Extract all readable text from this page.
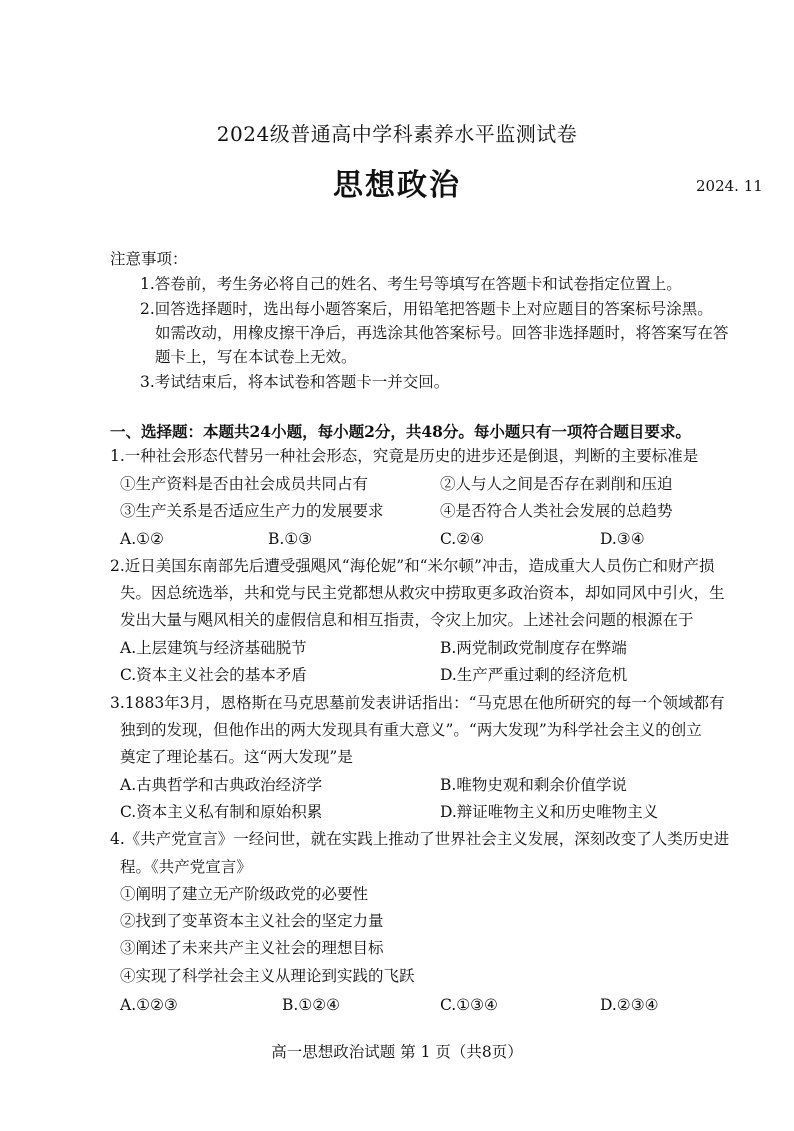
2024级普通高中学科素养水平监测试卷
思想政治	2024. 11
注意事项：
1.答卷前，考生务必将自己的姓名、考生号等填写在答题卡和试卷指定位置上。
2.回答选择题时，选出每小题答案后，用铅笔把答题卡上对应题目的答案标号涂黑。
如需改动，用橡皮擦干净后，再选涂其他答案标号。回答非选择题时，将答案写在答
题卡上，写在本试卷上无效。
3.考试结束后，将本试卷和答题卡一并交回。
一、选择题：本题共24小题，每小题2分，共48分。每小题只有一项符合题目要求。
1.一种社会形态代替另一种社会形态，究竟是历史的进步还是倒退，判断的主要标准是
①生产资料是否由社会成员共同占有	②人与人之间是否存在剥削和压迫
③生产关系是否适应生产力的发展要求	④是否符合人类社会发展的总趋势
A.①②	B.①③	C.②④	D.③④
2.近日美国东南部先后遭受强飓风“海伦妮”和“米尔顿”冲击，造成重大人员伤亡和财产损
失。因总统选举，共和党与民主党都想从救灾中捞取更多政治资本，却如同风中引火，生
发出大量与飓风相关的虚假信息和相互指责，令灾上加灾。上述社会问题的根源在于
A.上层建筑与经济基础脱节	B.两党制政党制度存在弊端
C.资本主义社会的基本矛盾	D.生产严重过剩的经济危机
3.1883年3月，恩格斯在马克思墓前发表讲话指出：“马克思在他所研究的每一个领域都有
独到的发现，但他作出的两大发现具有重大意义”。“两大发现”为科学社会主义的创立
奠定了理论基石。这“两大发现”是
A.古典哲学和古典政治经济学	B.唯物史观和剩余价值学说
C.资本主义私有制和原始积累	D.辩证唯物主义和历史唯物主义
4.《共产党宣言》一经问世，就在实践上推动了世界社会主义发展，深刻改变了人类历史进
程。《共产党宣言》
①阐明了建立无产阶级政党的必要性
②找到了变革资本主义社会的坚定力量
③阐述了未来共产主义社会的理想目标
④实现了科学社会主义从理论到实践的飞跃
A.①②③	B.①②④	C.①③④	D.②③④
高一思想政治试题 第 1 页（共8页）
